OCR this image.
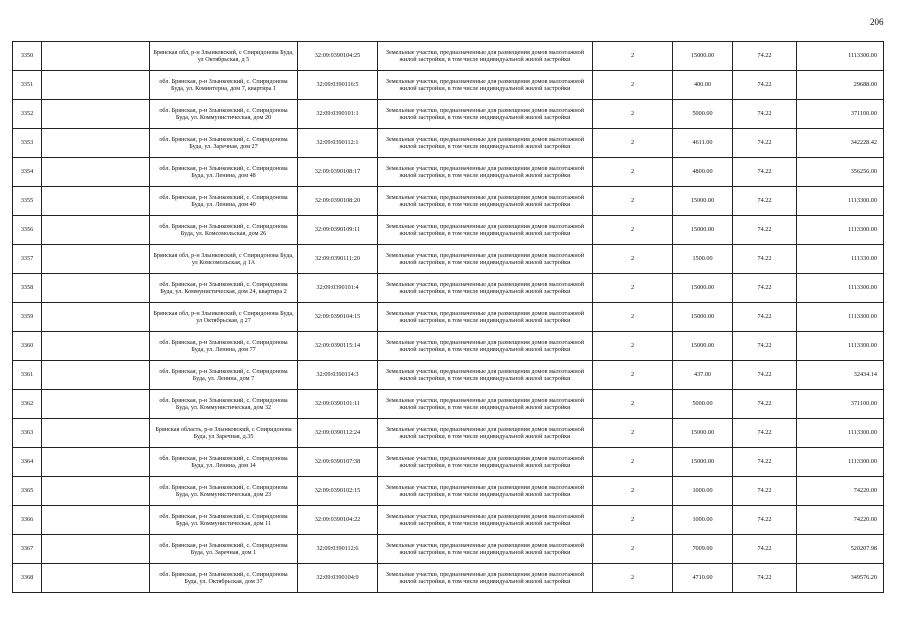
206
3350		Брянская обл, р-н Злынковский, с Спиридонова Буда, ул Октябрьская, д 5	32:09:0390104:25	Земельные участки, предназначенные для размещения домов малоэтажной жилой застройки, в том числе индивидуальной жилой застройки	2	15000.00	74.22	1113300.00
3351		обл. Брянская, р-н Злынковский, с. Спиридонова Буда, ул. Коминтерна, дом 7, квартира 1	32:09:0390116:5	Земельные участки, предназначенные для размещения домов малоэтажной жилой застройки, в том числе индивидуальной жилой застройки	2	400.00	74.22	29688.00
3352		обл. Брянская, р-н Злынковский, с. Спиридонова Буда, ул. Коммунистическая, дом 20	32:09:0390101:1	Земельные участки, предназначенные для размещения домов малоэтажной жилой застройки, в том числе индивидуальной жилой застройки	2	5000.00	74.22	371100.00
3353		обл. Брянская, р-н Злынковский, с. Спиридонова Буда, ул. Заречная, дом 27	32:09:0390112:1	Земельные участки, предназначенные для размещения домов малоэтажной жилой застройки, в том числе индивидуальной жилой застройки	2	4611.00	74.22	342228.42
3354		обл. Брянская, р-н Злынковский, с. Спиридонова Буда, ул. Ленина, дом 48	32:09:0390108:17	Земельные участки, предназначенные для размещения домов малоэтажной жилой застройки, в том числе индивидуальной жилой застройки	2	4800.00	74.22	356256.00
3355		обл. Брянская, р-н Злынковский, с. Спиридонова Буда, ул. Ленина, дом 40	32:09:0390108:20	Земельные участки, предназначенные для размещения домов малоэтажной жилой застройки, в том числе индивидуальной жилой застройки	2	15000.00	74.22	1113300.00
3356		обл. Брянская, р-н Злынковский, с. Спиридонова Буда, ул. Комсомольская, дом 26	32:09:0390109:11	Земельные участки, предназначенные для размещения домов малоэтажной жилой застройки, в том числе индивидуальной жилой застройки	2	15000.00	74.22	1113300.00
3357		Брянская обл, р-н Злынковский, с Спиридонова Буда, ул Комсомольская, д 1А	32:09:0390111:20	Земельные участки, предназначенные для размещения домов малоэтажной жилой застройки, в том числе индивидуальной жилой застройки	2	1500.00	74.22	111330.00
3358		обл. Брянская, р-н Злынковский, с. Спиридонова Буда, ул. Коммунистическая, дом 24, квартира 2	32:09:0390101:4	Земельные участки, предназначенные для размещения домов малоэтажной жилой застройки, в том числе индивидуальной жилой застройки	2	15000.00	74.22	1113300.00
3359		Брянская обл, р-н Злынковский, с Спиридонова Буда, ул Октябрьская, д 27	32:09:0390104:15	Земельные участки, предназначенные для размещения домов малоэтажной жилой застройки, в том числе индивидуальной жилой застройки	2	15000.00	74.22	1113300.00
3360		обл. Брянская, р-н Злынковский, с. Спиридонова Буда, ул. Ленина, дом 77	32:09:0390115:14	Земельные участки, предназначенные для размещения домов малоэтажной жилой застройки, в том числе индивидуальной жилой застройки	2	15000.00	74.22	1113300.00
3361		обл. Брянская, р-н Злынковский, с. Спиридонова Буда, ул. Ленина, дом 7	32:09:0390114:3	Земельные участки, предназначенные для размещения домов малоэтажной жилой застройки, в том числе индивидуальной жилой застройки	2	437.00	74.22	32434.14
3362		обл. Брянская, р-н Злынковский, с. Спиридонова Буда, ул. Коммунистическая, дом 32	32:09:0390101:11	Земельные участки, предназначенные для размещения домов малоэтажной жилой застройки, в том числе индивидуальной жилой застройки	2	5000.00	74.22	371100.00
3363		Брянская область, р-н Злынковский, с Спиридонова Буда, ул Заречная, д.35	32:09:0390112:24	Земельные участки, предназначенные для размещения домов малоэтажной жилой застройки, в том числе индивидуальной жилой застройки	2	15000.00	74.22	1113300.00
3364		обл. Брянская, р-н Злынковский, с. Спиридонова Буда, ул. Ленина, дом 14	32:09:0390107:38	Земельные участки, предназначенные для размещения домов малоэтажной жилой застройки, в том числе индивидуальной жилой застройки	2	15000.00	74.22	1113300.00
3365		обл. Брянская, р-н Злынковский, с. Спиридонова Буда, ул. Коммунистическая, дом 23	32:09:0390102:15	Земельные участки, предназначенные для размещения домов малоэтажной жилой застройки, в том числе индивидуальной жилой застройки	2	1000.00	74.22	74220.00
3366		обл. Брянская, р-н Злынковский, с. Спиридонова Буда, ул. Коммунистическая, дом 11	32:09:0390104:22	Земельные участки, предназначенные для размещения домов малоэтажной жилой застройки, в том числе индивидуальной жилой застройки	2	1000.00	74.22	74220.00
3367		обл. Брянская, р-н Злынковский, с. Спиридонова Буда, ул. Заречная, дом 1	32:09:0390112:6	Земельные участки, предназначенные для размещения домов малоэтажной жилой застройки, в том числе индивидуальной жилой застройки	2	7009.00	74.22	520207.98
3368		обл. Брянская, р-н Злынковский, с. Спиридонова Буда, ул. Октябрьская, дом 37	32:09:0390104:9	Земельные участки, предназначенные для размещения домов малоэтажной жилой застройки, в том числе индивидуальной жилой застройки	2	4710.00	74.22	349576.20
